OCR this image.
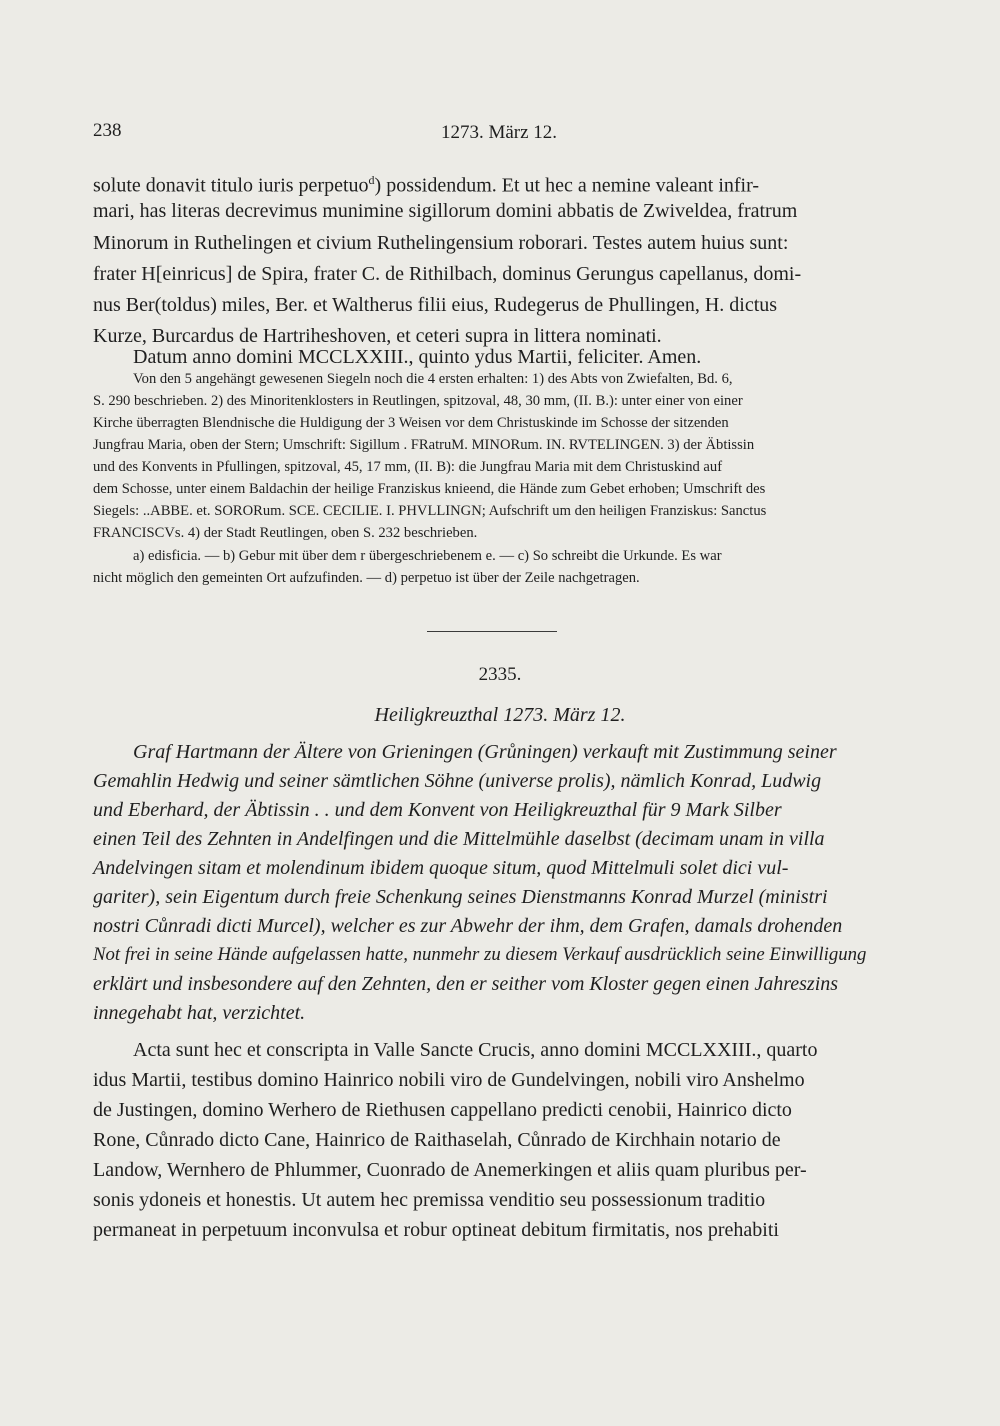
238	1273. März 12.
solute donavit titulo iuris perpetuo$^d$) possidendum. Et ut hec a nemine valeant infir-
mari, has literas decrevimus munimine sigillorum domini abbatis de Zwiveldea, fratrum
Minorum in Ruthelingen et civium Ruthelingensium roborari. Testes autem huius sunt:
frater H[einricus] de Spira, frater C. de Rithilbach, dominus Gerungus capellanus, domi-
nus Ber(toldus) miles, Ber. et Waltherus filii eius, Rudegerus de Phullingen, H. dictus
Kurze, Burcardus de Hartriheshoven, et ceteri supra in littera nominati.
Datum anno domini MCCLXXIII., quinto ydus Martii, feliciter. Amen.
Von den 5 angehängt gewesenen Siegeln noch die 4 ersten erhalten: 1) des Abts von Zwiefalten, Bd. 6,
S. 290 beschrieben. 2) des Minoritenklosters in Reutlingen, spitzoval, 48, 30 mm, (II. B.): unter einer von einer
Kirche überragten Blendnische die Huldigung der 3 Weisen vor dem Christuskinde im Schosse der sitzenden
Jungfrau Maria, oben der Stern; Umschrift: Sigillum . FRatruM. MINORum. IN. RVTELINGEN. 3) der Äbtissin
und des Konvents in Pfullingen, spitzoval, 45, 17 mm, (II. B): die Jungfrau Maria mit dem Christuskind auf
dem Schosse, unter einem Baldachin der heilige Franziskus knieend, die Hände zum Gebet erhoben; Umschrift des
Siegels: ..ABBE. et. SORORum. SCE. CECILIE. I. PHVLLINGN; Aufschrift um den heiligen Franziskus: Sanctus
FRANCISCVs. 4) der Stadt Reutlingen, oben S. 232 beschrieben.
a) edisficia. — b) Gebur mit über dem r übergeschriebenem e. — c) So schreibt die Urkunde. Es war
nicht möglich den gemeinten Ort aufzufinden. — d) perpetuo ist über der Zeile nachgetragen.
2335.
Heiligkreuzthal 1273. März 12.
Graf Hartmann der Ältere von Grieningen (Grůningen) verkauft mit Zustimmung seiner
Gemahlin Hedwig und seiner sämtlichen Söhne (universe prolis), nämlich Konrad, Ludwig
und Eberhard, der Äbtissin . . und dem Konvent von Heiligkreuzthal für 9 Mark Silber
einen Teil des Zehnten in Andelfingen und die Mittelmühle daselbst (decimam unam in villa
Andelvingen sitam et molendinum ibidem quoque situm, quod Mittelmuli solet dici vul-
gariter), sein Eigentum durch freie Schenkung seines Dienstmanns Konrad Murzel (ministri
nostri Cůnradi dicti Murcel), welcher es zur Abwehr der ihm, dem Grafen, damals drohenden
Not frei in seine Hände aufgelassen hatte, nunmehr zu diesem Verkauf ausdrücklich seine Einwilligung
erklärt und insbesondere auf den Zehnten, den er seither vom Kloster gegen einen Jahreszins
innegehabt hat, verzichtet.
Acta sunt hec et conscripta in Valle Sancte Crucis, anno domini MCCLXXIII., quarto
idus Martii, testibus domino Hainrico nobili viro de Gundelvingen, nobili viro Anshelmo
de Justingen, domino Werhero de Riethusen cappellano predicti cenobii, Hainrico dicto
Rone, Cůnrado dicto Cane, Hainrico de Raithaselah, Cůnrado de Kirchhain notario de
Landow, Wernhero de Phlummer, Cuonrado de Anemerkingen et aliis quam pluribus per-
sonis ydoneis et honestis. Ut autem hec premissa venditio seu possessionum traditio
permaneat in perpetuum inconvulsa et robur optineat debitum firmitatis, nos prehabiti
